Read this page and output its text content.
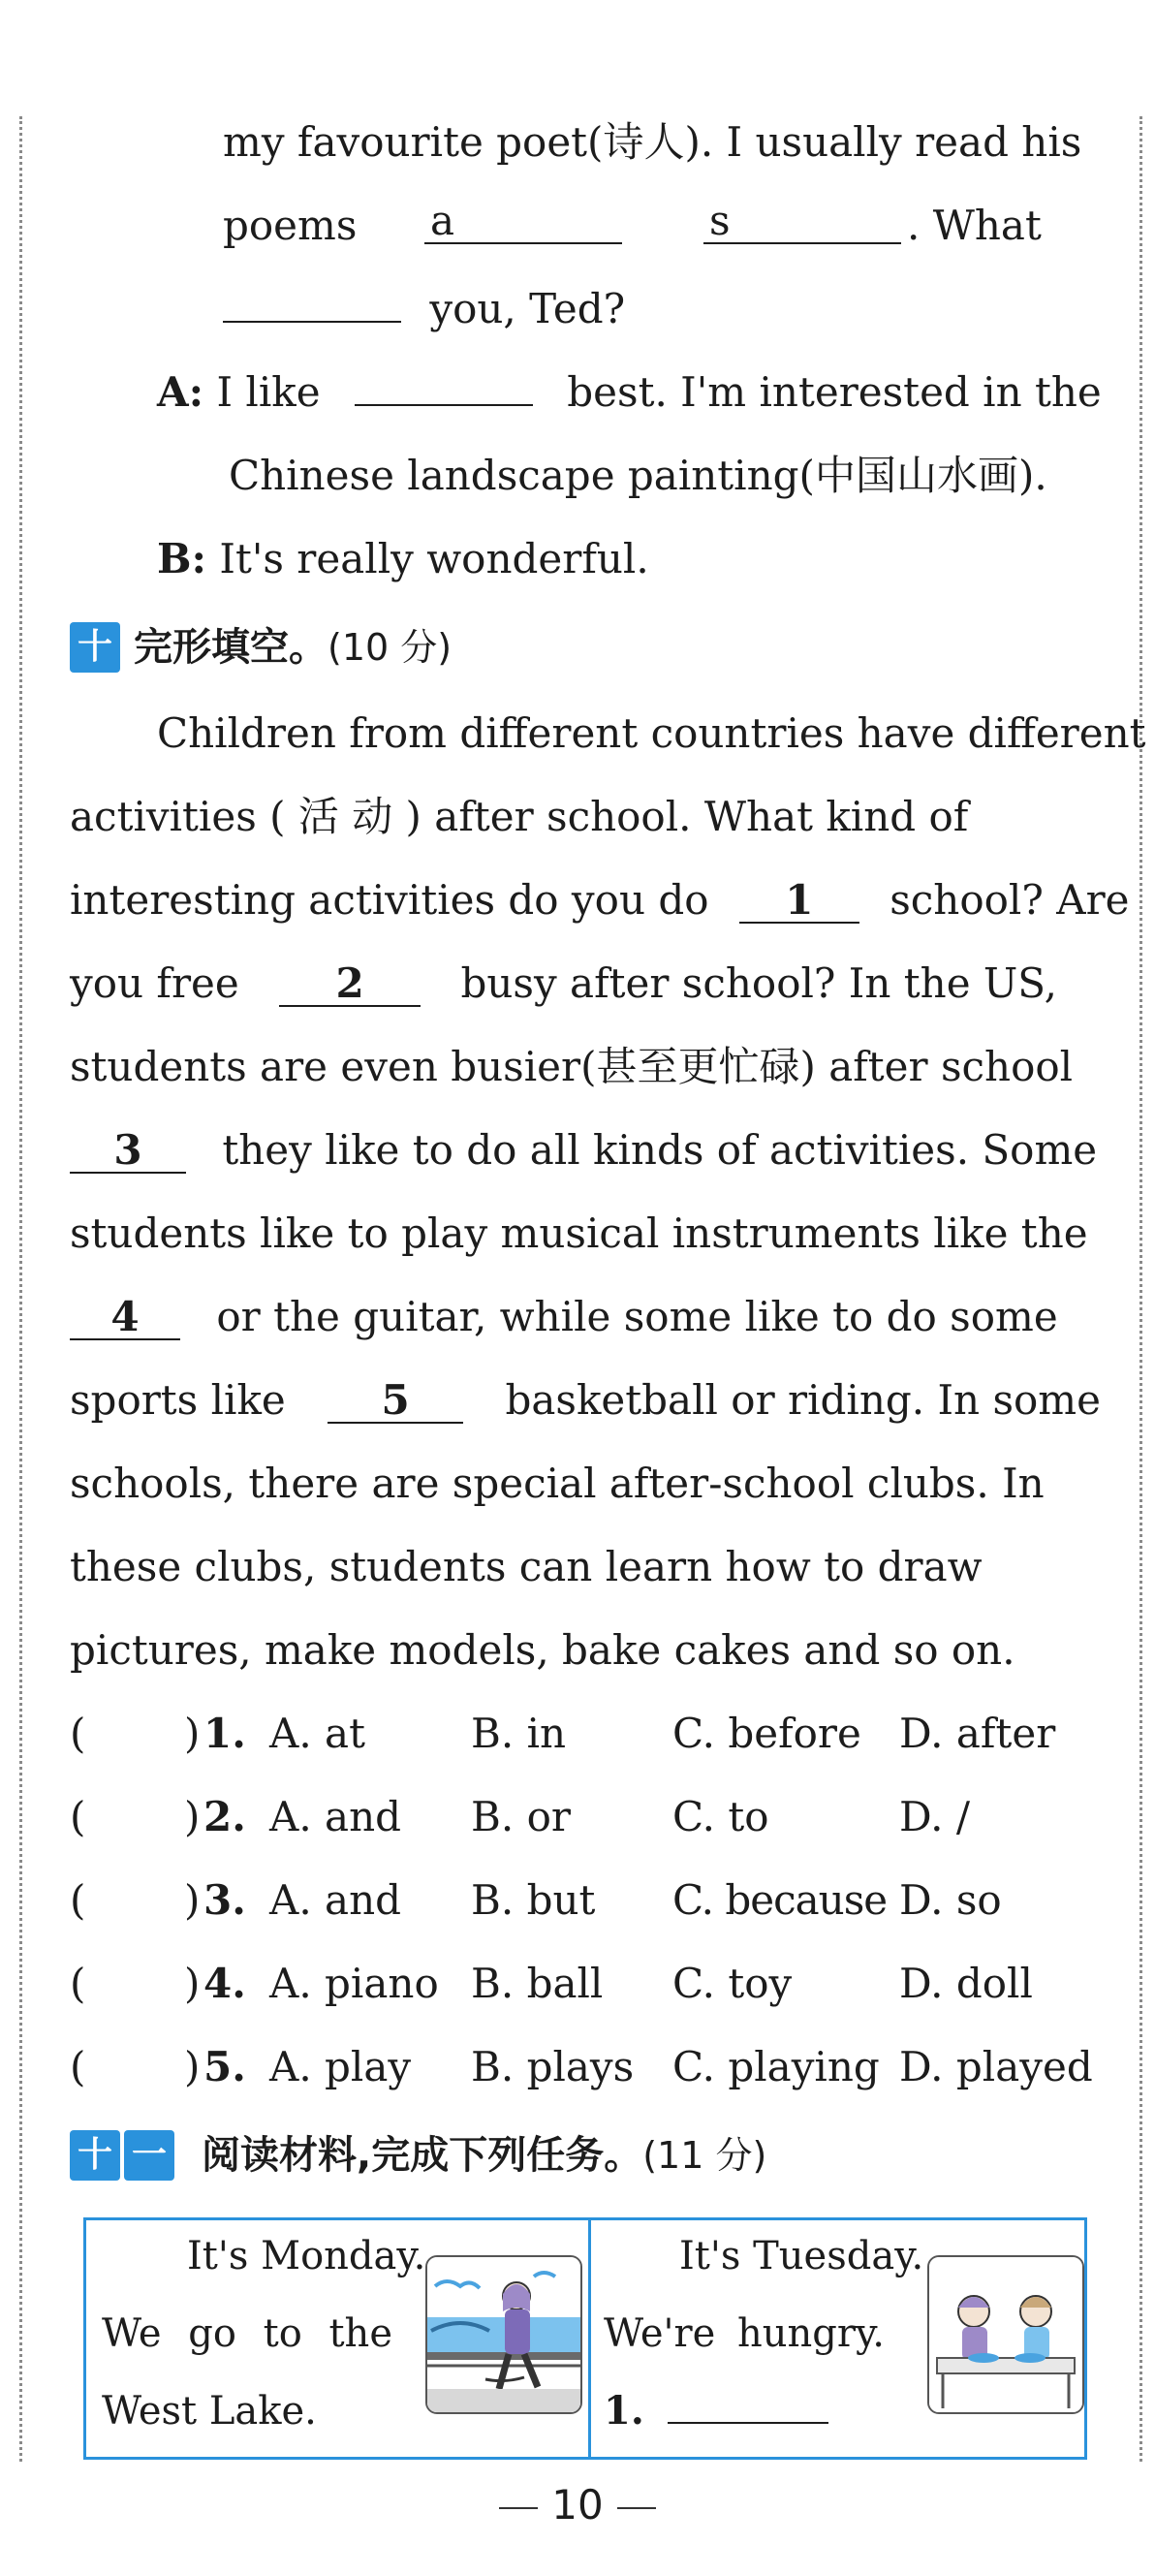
my favourite poet(诗人). I usually read his
poems a	s	. What
you, Ted?
A: I like	best. I'm interested in the
Chinese landscape painting(中国山水画).
B: It's really wonderful.
十 完形填空。(10 分)
Children from different countries have different
activities ( 活 动 ) after school. What kind of
interesting activities do you do 1 school? Are
you free 2 busy after school? In the US,
students are even busier(甚至更忙碌) after school
3 they like to do all kinds of activities. Some
students like to play musical instruments like the
4 or the guitar, while some like to do some
sports like 5 basketball or riding. In some
schools, there are special after-school clubs. In
these clubs, students can learn how to draw
pictures, make models, bake cakes and so on.
( ) 1. A. at	B. in	C. before D. after
( ) 2. A. and B. or	C. to	D. /
( ) 3. A. and B. but C. because D. so
( ) 4. A. piano B. ball C. toy	D. doll
( ) 5. A. play B. plays C. playing D. played
十 一 阅读材料,完成下列任务。(11 分)
It's Monday.
We go to the
West Lake.
It's Tuesday.
We're hungry.
1.
10
